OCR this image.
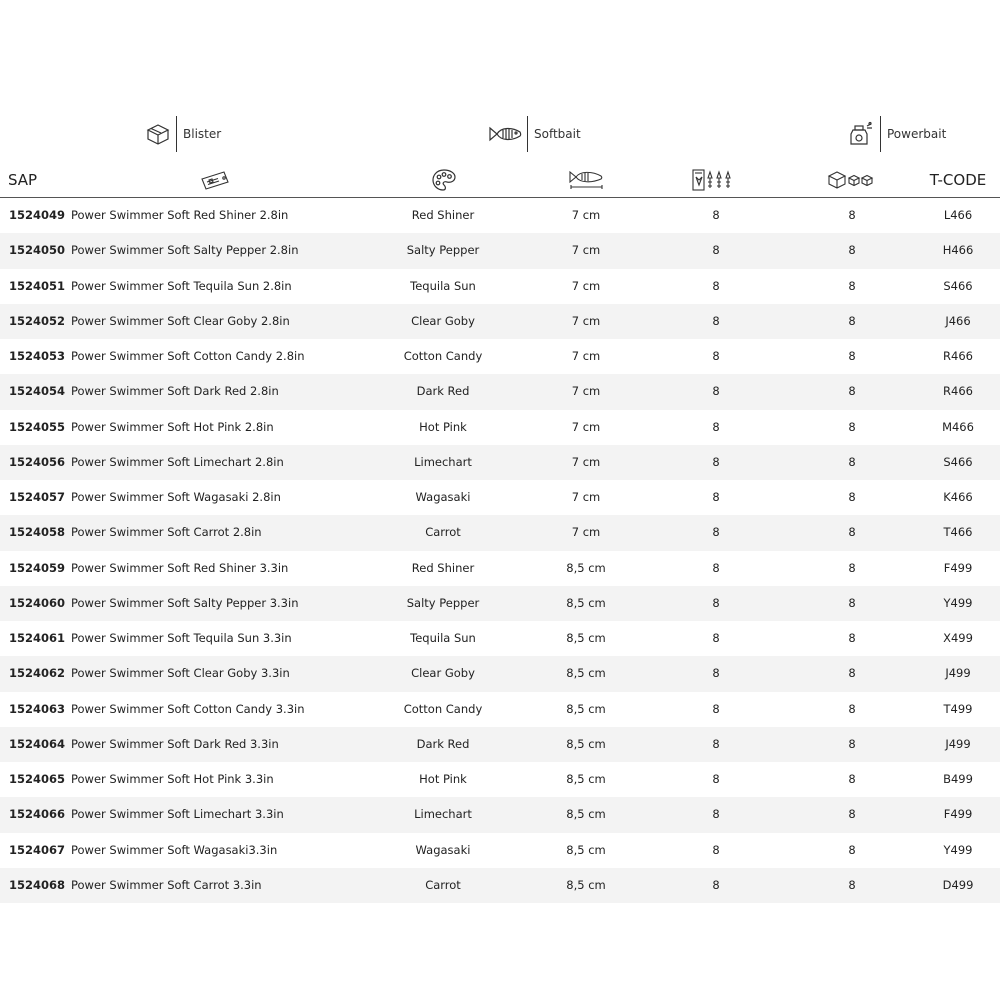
Blister	Softbait	Powerbait
SAP	T-CODE
1524049 Power Swimmer Soft Red Shiner 2.8in	Red Shiner	7 cm	8	8	L466
1524050 Power Swimmer Soft Salty Pepper 2.8in	Salty Pepper	7 cm	8	8	H466
1524051 Power Swimmer Soft Tequila Sun 2.8in	Tequila Sun	7 cm	8	8	S466
1524052 Power Swimmer Soft Clear Goby 2.8in	Clear Goby	7 cm	8	8	J466
1524053 Power Swimmer Soft Cotton Candy 2.8in	Cotton Candy	7 cm	8	8	R466
1524054 Power Swimmer Soft Dark Red 2.8in	Dark Red	7 cm	8	8	R466
1524055 Power Swimmer Soft Hot Pink 2.8in	Hot Pink	7 cm	8	8	M466
1524056 Power Swimmer Soft Limechart 2.8in	Limechart	7 cm	8	8	S466
1524057 Power Swimmer Soft Wagasaki 2.8in	Wagasaki	7 cm	8	8	K466
1524058 Power Swimmer Soft Carrot 2.8in	Carrot	7 cm	8	8	T466
1524059 Power Swimmer Soft Red Shiner 3.3in	Red Shiner	8,5 cm	8	8	F499
1524060 Power Swimmer Soft Salty Pepper 3.3in	Salty Pepper	8,5 cm	8	8	Y499
1524061 Power Swimmer Soft Tequila Sun 3.3in	Tequila Sun	8,5 cm	8	8	X499
1524062 Power Swimmer Soft Clear Goby 3.3in	Clear Goby	8,5 cm	8	8	J499
1524063 Power Swimmer Soft Cotton Candy 3.3in	Cotton Candy	8,5 cm	8	8	T499
1524064 Power Swimmer Soft Dark Red 3.3in	Dark Red	8,5 cm	8	8	J499
1524065 Power Swimmer Soft Hot Pink 3.3in	Hot Pink	8,5 cm	8	8	B499
1524066 Power Swimmer Soft Limechart 3.3in	Limechart	8,5 cm	8	8	F499
1524067 Power Swimmer Soft Wagasaki3.3in	Wagasaki	8,5 cm	8	8	Y499
1524068 Power Swimmer Soft Carrot 3.3in	Carrot	8,5 cm	8	8	D499
